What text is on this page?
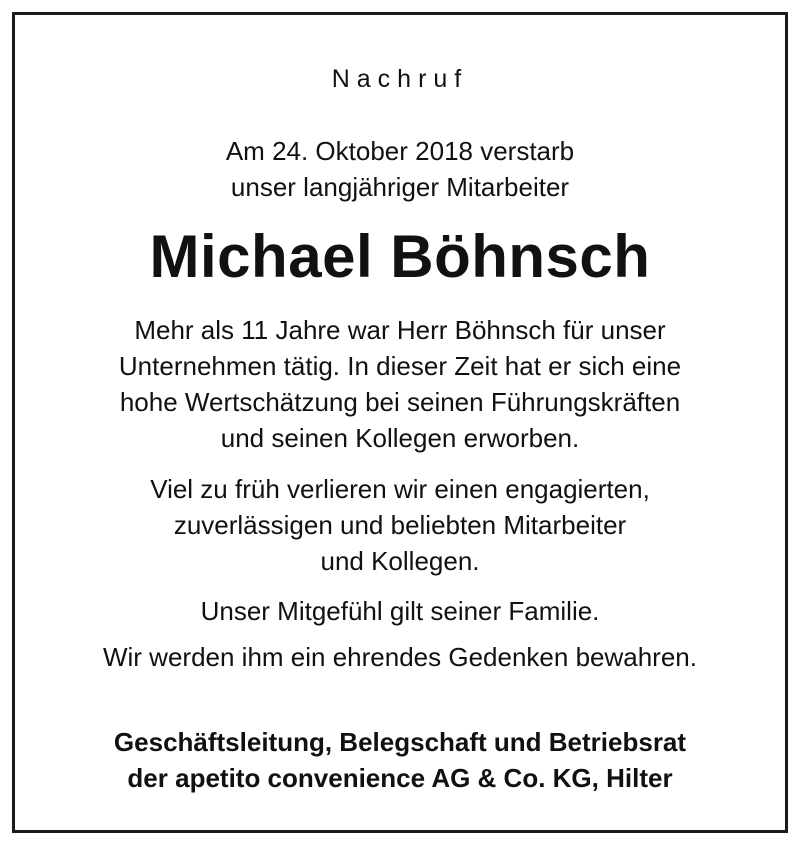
Nachruf

Am 24. Oktober 2018 verstarb

unser langjähriger Mitarbeiter

Michael Böhnsch

Mehr als 11 Jahre war Herr Böhnsch für unser

Unternehmen tätig. In dieser Zeit hat er sich eine

hohe Wertschätzung bei seinen Führungskräften

und seinen Kollegen erworben.

Viel zu früh verlieren wir einen engagierten,

zuverlässigen und beliebten Mitarbeiter

und Kollegen.

Unser Mitgefühl gilt seiner Familie.

Wir werden ihm ein ehrendes Gedenken bewahren.

Geschäftsleitung, Belegschaft und Betriebsrat

der apetito convenience AG & Co. KG, Hilter
